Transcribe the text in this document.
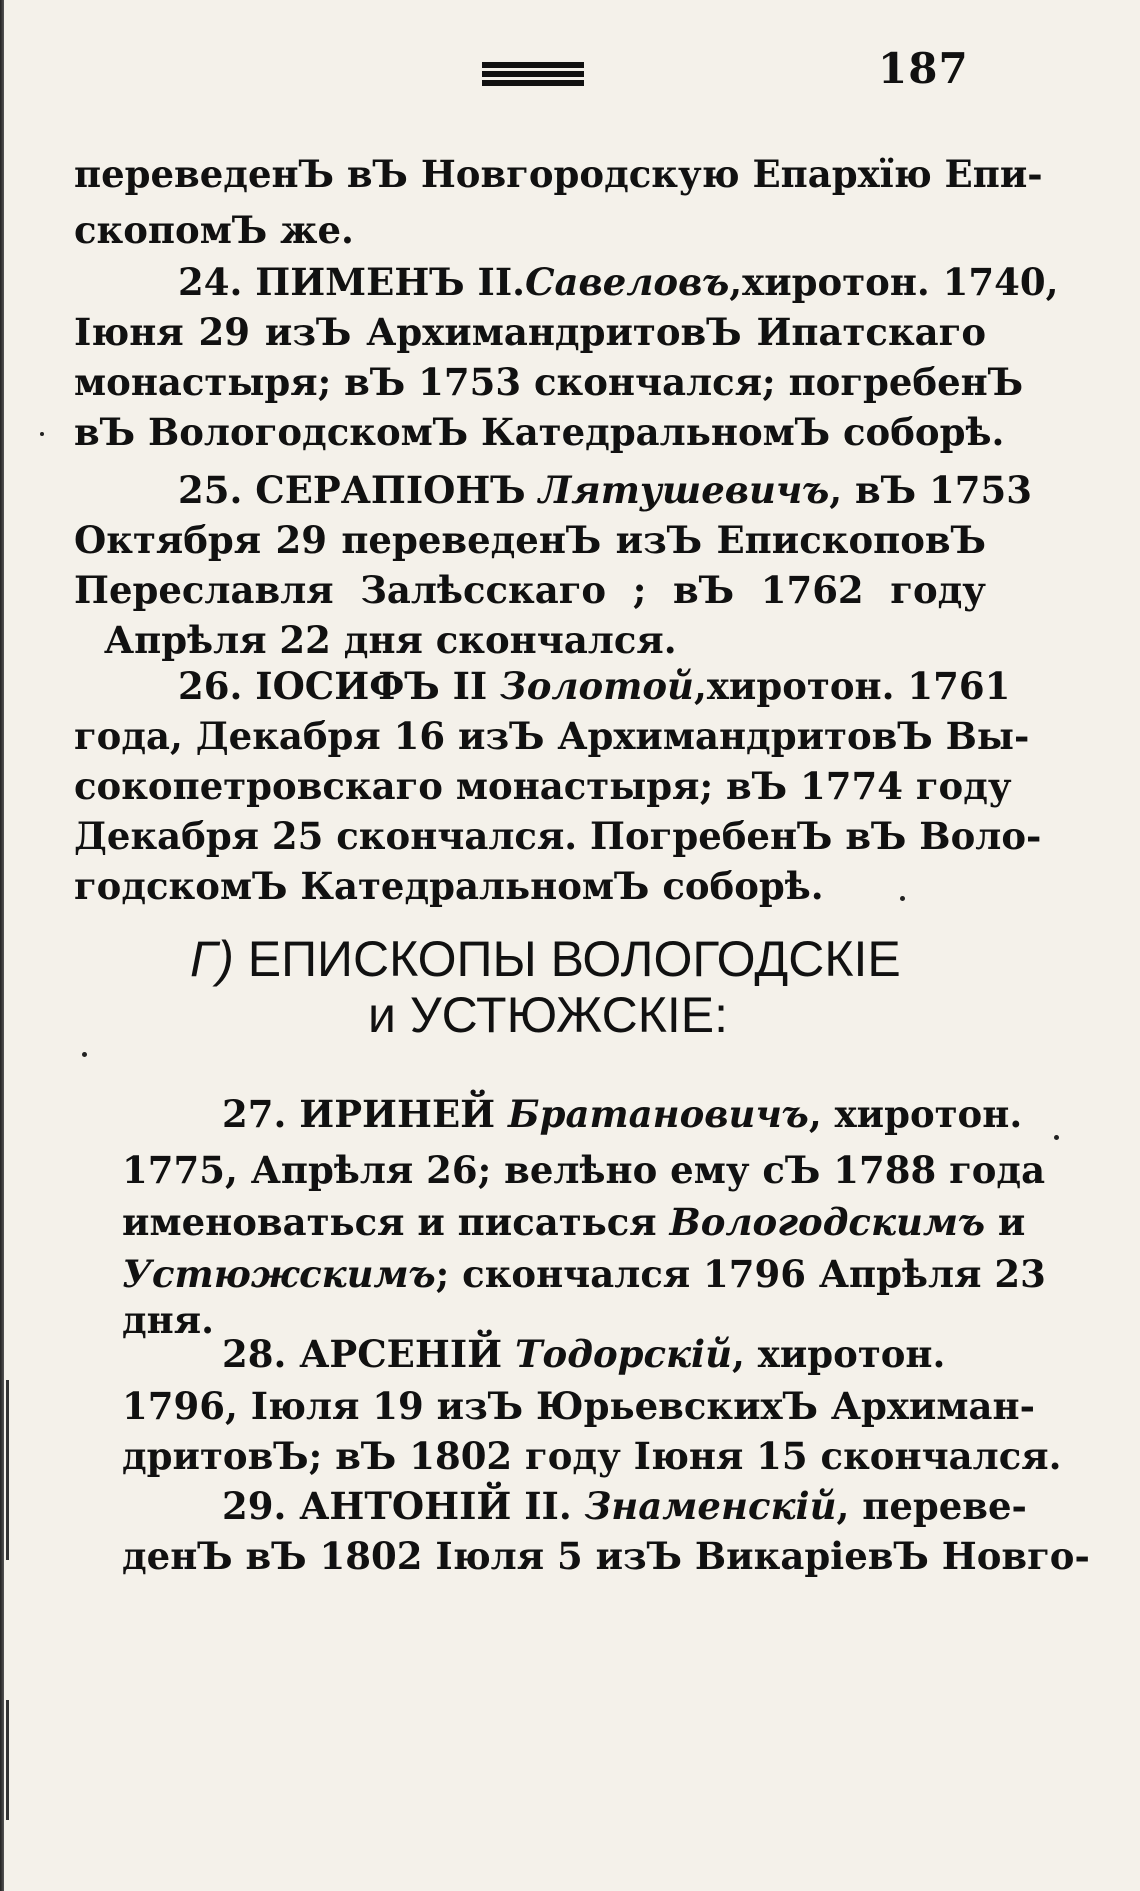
187
переведенЪ вЪ Новгородскую Епархїю Епи-
скопомЪ же.
24. ПИМЕНЪ II.Савеловъ,хиротон. 1740,
Іюня 29 изЪ АрхимандритовЪ Ипатскаго
монастыря; вЪ 1753 скончался; погребенЪ
вЪ ВологодскомЪ КатедральномЪ соборѣ.
25. СЕРАПІОНЪ Лятушевичъ, вЪ 1753
Октября 29 переведенЪ изЪ ЕпископовЪ
Переславля Залѣсскаго ; вЪ 1762 году
Апрѣля 22 дня скончался.
26. ІОСИФЪ II Золотой,хиротон. 1761
года, Декабря 16 изЪ АрхимандритовЪ Вы-
сокопетровскаго монастыря; вЪ 1774 году
Декабря 25 скончался. ПогребенЪ вЪ Воло-
годскомЪ КатедральномЪ соборѣ.
Г) ЕПИСКОПЫ ВОЛОГОДСКІЕ
и УСТЮЖСКІЕ:
27. ИРИНЕЙ Братановичъ, хиротон.
1775, Апрѣля 26; велѣно ему сЪ 1788 года
именоваться и писаться Вологодскимъ и
Устюжскимъ; скончался 1796 Апрѣля 23
дня.
28. АРСЕНІЙ Тодорскій, хиротон.
1796, Іюля 19 изЪ ЮрьевскихЪ Архиман-
дритовЪ; вЪ 1802 году Іюня 15 скончался.
29. АНТОНІЙ II. Знаменскій, переве-
денЪ вЪ 1802 Іюля 5 изЪ ВикаріевЪ Новго-
